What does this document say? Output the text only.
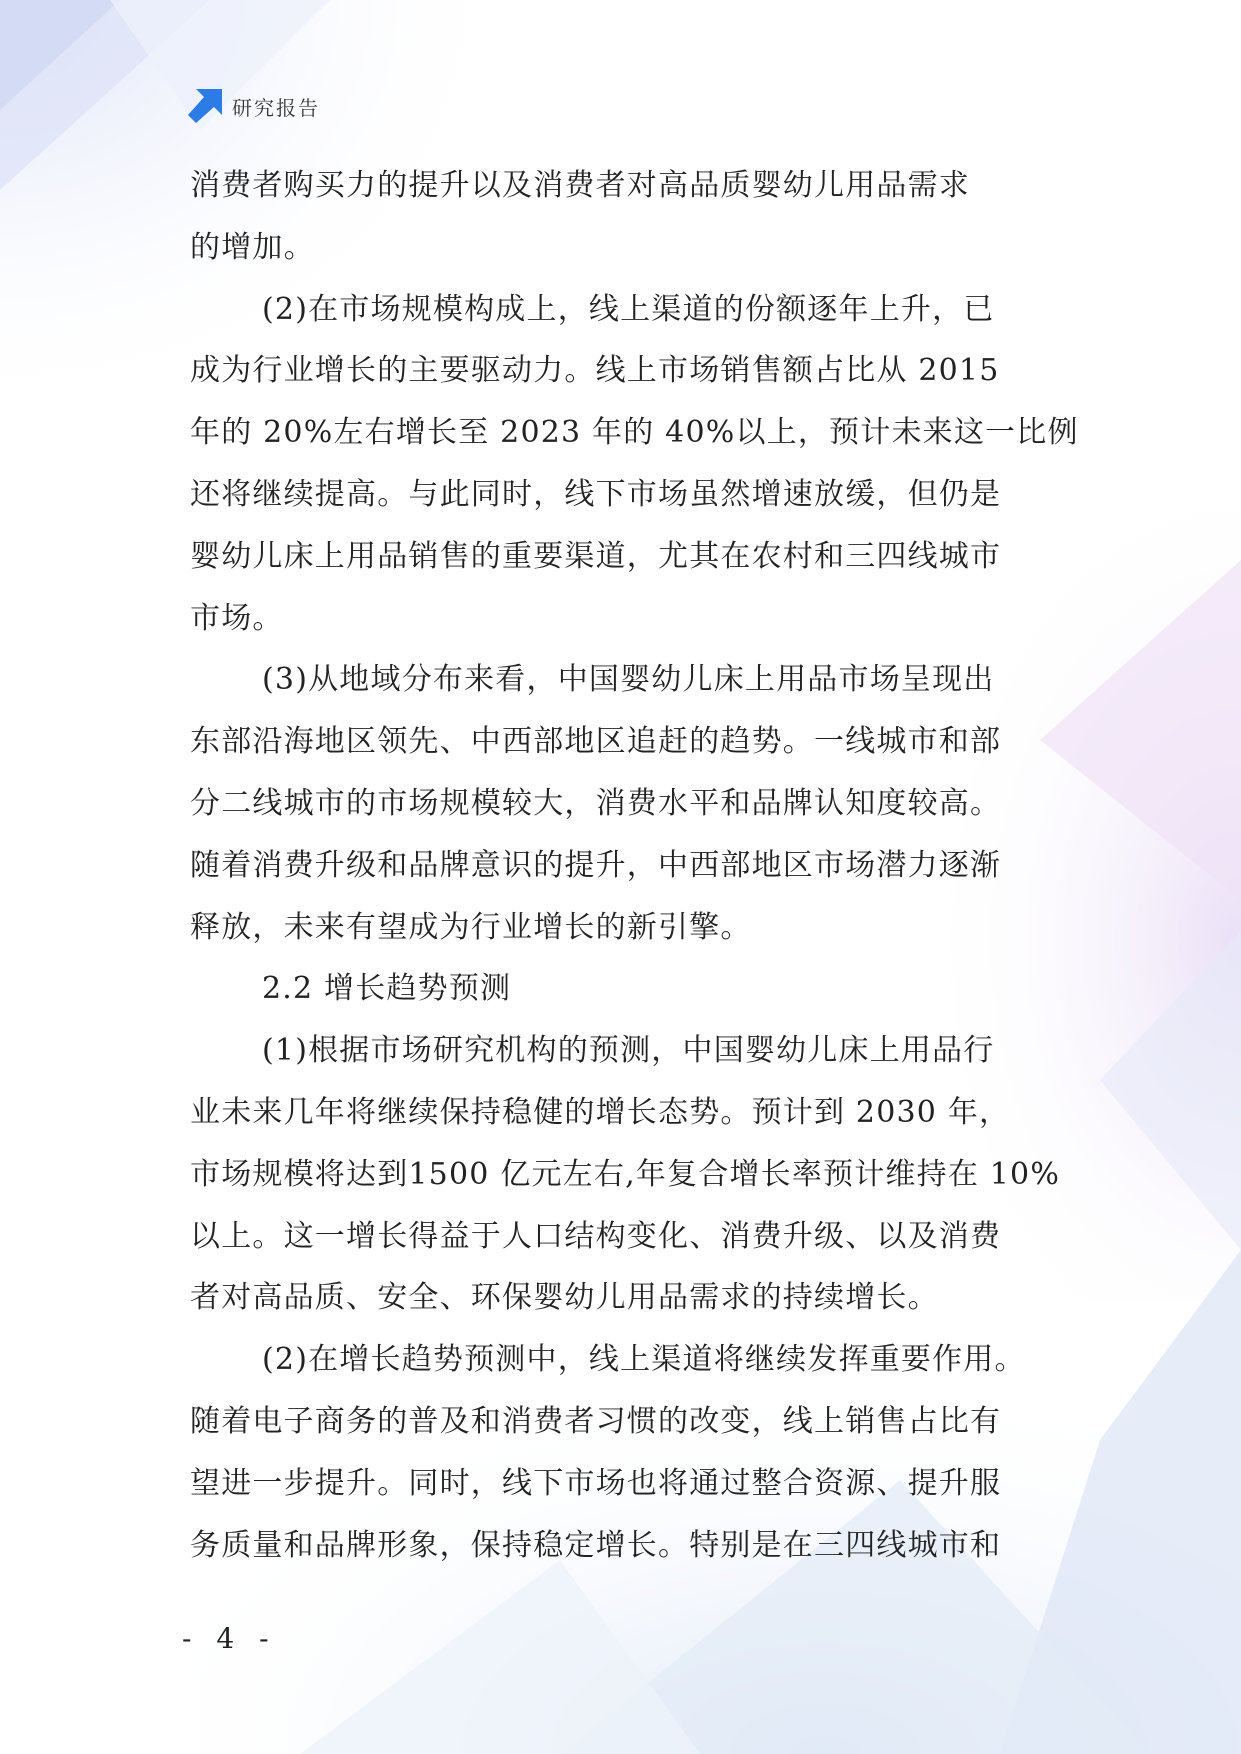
研究报告
消费者购买力的提升以及消费者对高品质婴幼儿用品需求
的增加。
(2)在市场规模构成上，线上渠道的份额逐年上升，已
成为行业增长的主要驱动力。线上市场销售额占比从 2015
年的 20%左右增长至 2023 年的 40%以上，预计未来这一比例
还将继续提高。与此同时，线下市场虽然增速放缓，但仍是
婴幼儿床上用品销售的重要渠道，尤其在农村和三四线城市
市场。
(3)从地域分布来看，中国婴幼儿床上用品市场呈现出
东部沿海地区领先、中西部地区追赶的趋势。一线城市和部
分二线城市的市场规模较大，消费水平和品牌认知度较高。
随着消费升级和品牌意识的提升，中西部地区市场潜力逐渐
释放，未来有望成为行业增长的新引擎。
2.2 增长趋势预测
(1)根据市场研究机构的预测，中国婴幼儿床上用品行
业未来几年将继续保持稳健的增长态势。预计到 2030 年，
市场规模将达到1500 亿元左右,年复合增长率预计维持在 10%
以上。这一增长得益于人口结构变化、消费升级、以及消费
者对高品质、安全、环保婴幼儿用品需求的持续增长。
(2)在增长趋势预测中，线上渠道将继续发挥重要作用。
随着电子商务的普及和消费者习惯的改变，线上销售占比有
望进一步提升。同时，线下市场也将通过整合资源、提升服
务质量和品牌形象，保持稳定增长。特别是在三四线城市和
- 4 -
